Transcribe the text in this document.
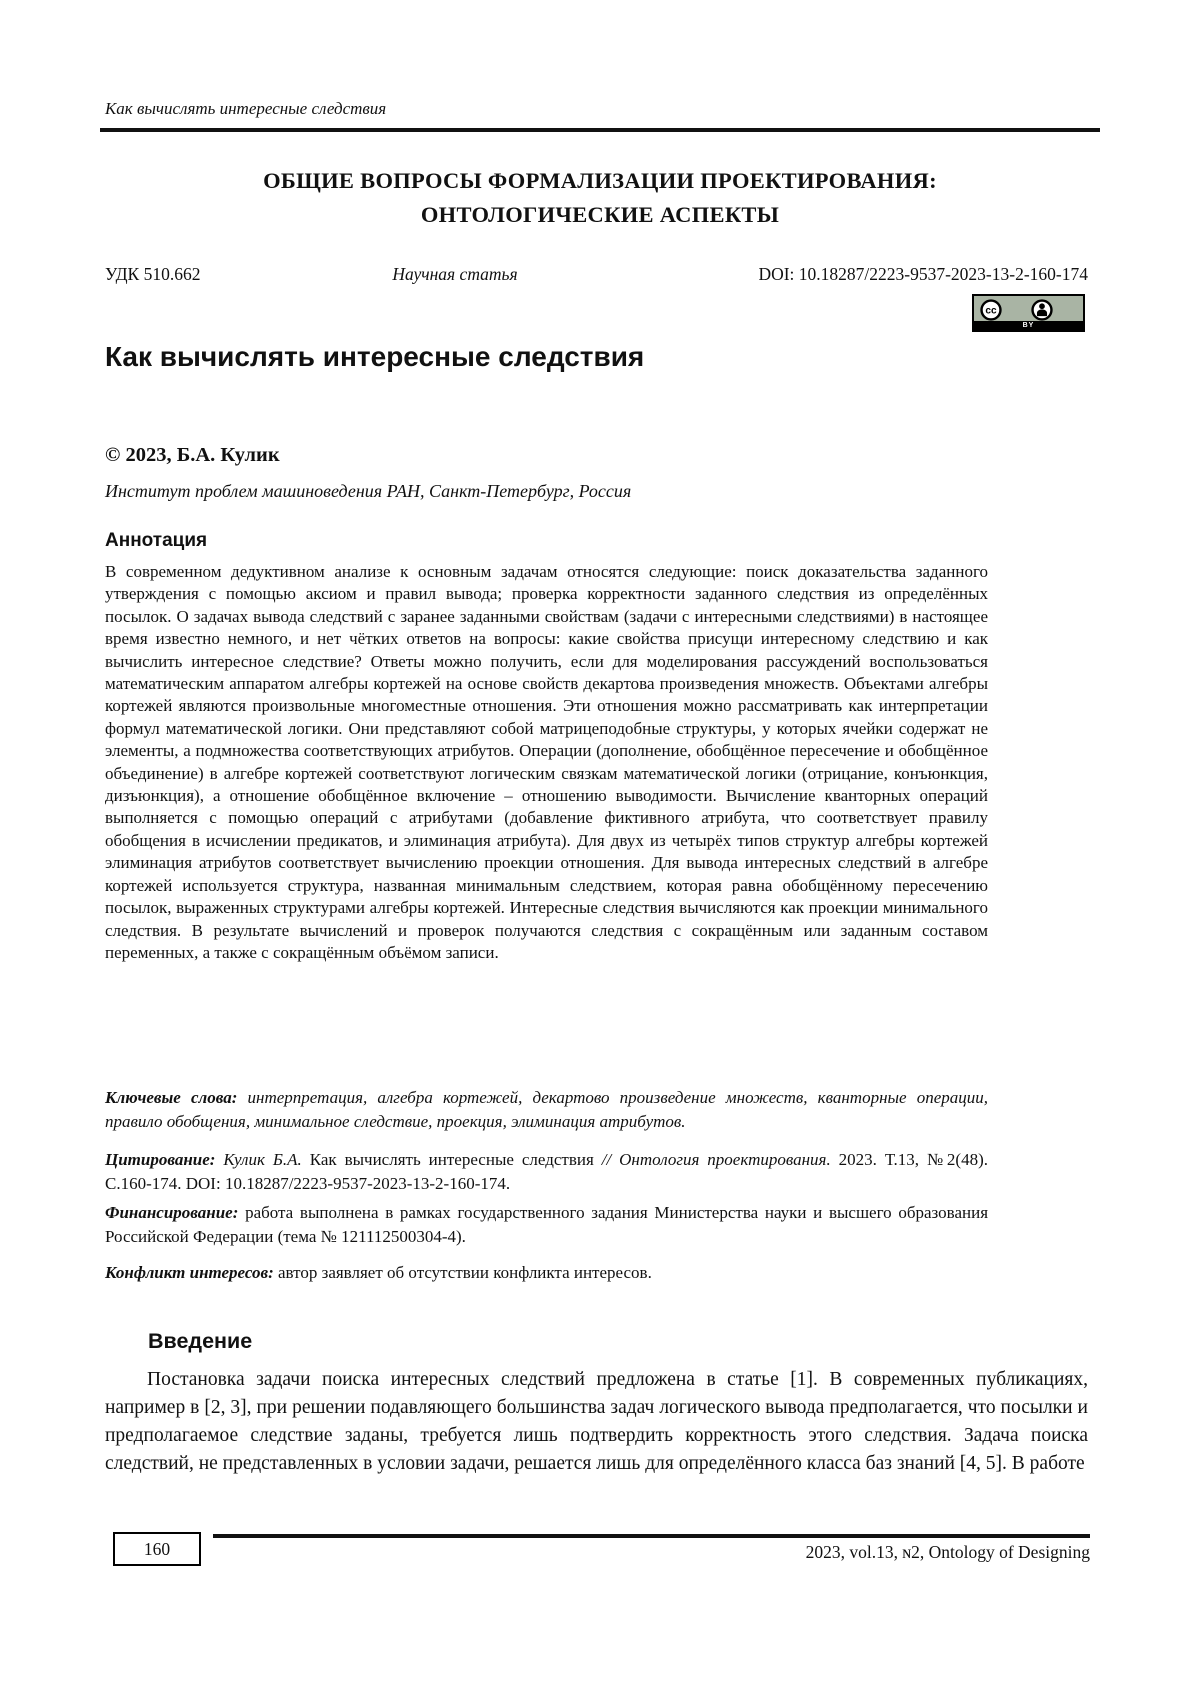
Как вычислять интересные следствия
ОБЩИЕ ВОПРОСЫ ФОРМАЛИЗАЦИИ ПРОЕКТИРОВАНИЯ:
ОНТОЛОГИЧЕСКИЕ АСПЕКТЫ
УДК 510.662	Научная статья	DOI: 10.18287/2223-9537-2023-13-2-160-174
cc
BY
Как вычислять интересные следствия
© 2023, Б.А. Кулик
Институт проблем машиноведения РАН, Санкт-Петербург, Россия
Аннотация

В современном дедуктивном анализе к основным задачам относятся следующие: поиск доказательства заданного утверждения с помощью аксиом и правил вывода; проверка корректности заданного следствия из определённых посылок. О задачах вывода следствий с заранее заданными свойствам (задачи с интересными следствиями) в настоящее время известно немного, и нет чётких ответов на вопросы: какие свойства присущи интересному следствию и как вычислить интересное следствие? Ответы можно получить, если для моделирования рассуждений воспользоваться математическим аппаратом алгебры кортежей на основе свойств декартова произведения множеств. Объектами алгебры кортежей являются произвольные многоместные отношения. Эти отношения можно рассматривать как интерпретации формул математической логики. Они представляют собой матрицеподобные структуры, у которых ячейки содержат не элементы, а подмножества соответствующих атрибутов. Операции (дополнение, обобщённое пересечение и обобщённое объединение) в алгебре кортежей соответствуют логическим связкам математической логики (отрицание, конъюнкция, дизъюнкция), а отношение обобщённое включение – отношению выводимости. Вычисление кванторных операций выполняется с помощью операций с атрибутами (добавление фиктивного атрибута, что соответствует правилу обобщения в исчислении предикатов, и элиминация атрибута). Для двух из четырёх типов структур алгебры кортежей элиминация атрибутов соответствует вычислению проекции отношения. Для вывода интересных следствий в алгебре кортежей используется структура, названная минимальным следствием, которая равна обобщённому пересечению посылок, выраженных структурами алгебры кортежей. Интересные следствия вычисляются как проекции минимального следствия. В результате вычислений и проверок получаются следствия с сокращённым или заданным составом переменных, а также с сокращённым объёмом записи.

Ключевые слова: интерпретация, алгебра кортежей, декартово произведение множеств, кванторные операции, правило обобщения, минимальное следствие, проекция, элиминация атрибутов.

Цитирование: Кулик Б.А. Как вычислять интересные следствия // Онтология проектирования. 2023. Т.13, №2(48). С.160-174. DOI: 10.18287/2223-9537-2023-13-2-160-174.

Финансирование: работа выполнена в рамках государственного задания Министерства науки и высшего образования Российской Федерации (тема № 121112500304-4).

Конфликт интересов: автор заявляет об отсутствии конфликта интересов.

Введение

Постановка задачи поиска интересных следствий предложена в статье [1]. В современных публикациях, например в [2, 3], при решении подавляющего большинства задач логического вывода предполагается, что посылки и предполагаемое следствие заданы, требуется лишь подтвердить корректность этого следствия. Задача поиска следствий, не представленных в условии задачи, решается лишь для определённого класса баз знаний [4, 5]. В работе

160	2023, vol.13, ɴ2, Ontology of Designing
